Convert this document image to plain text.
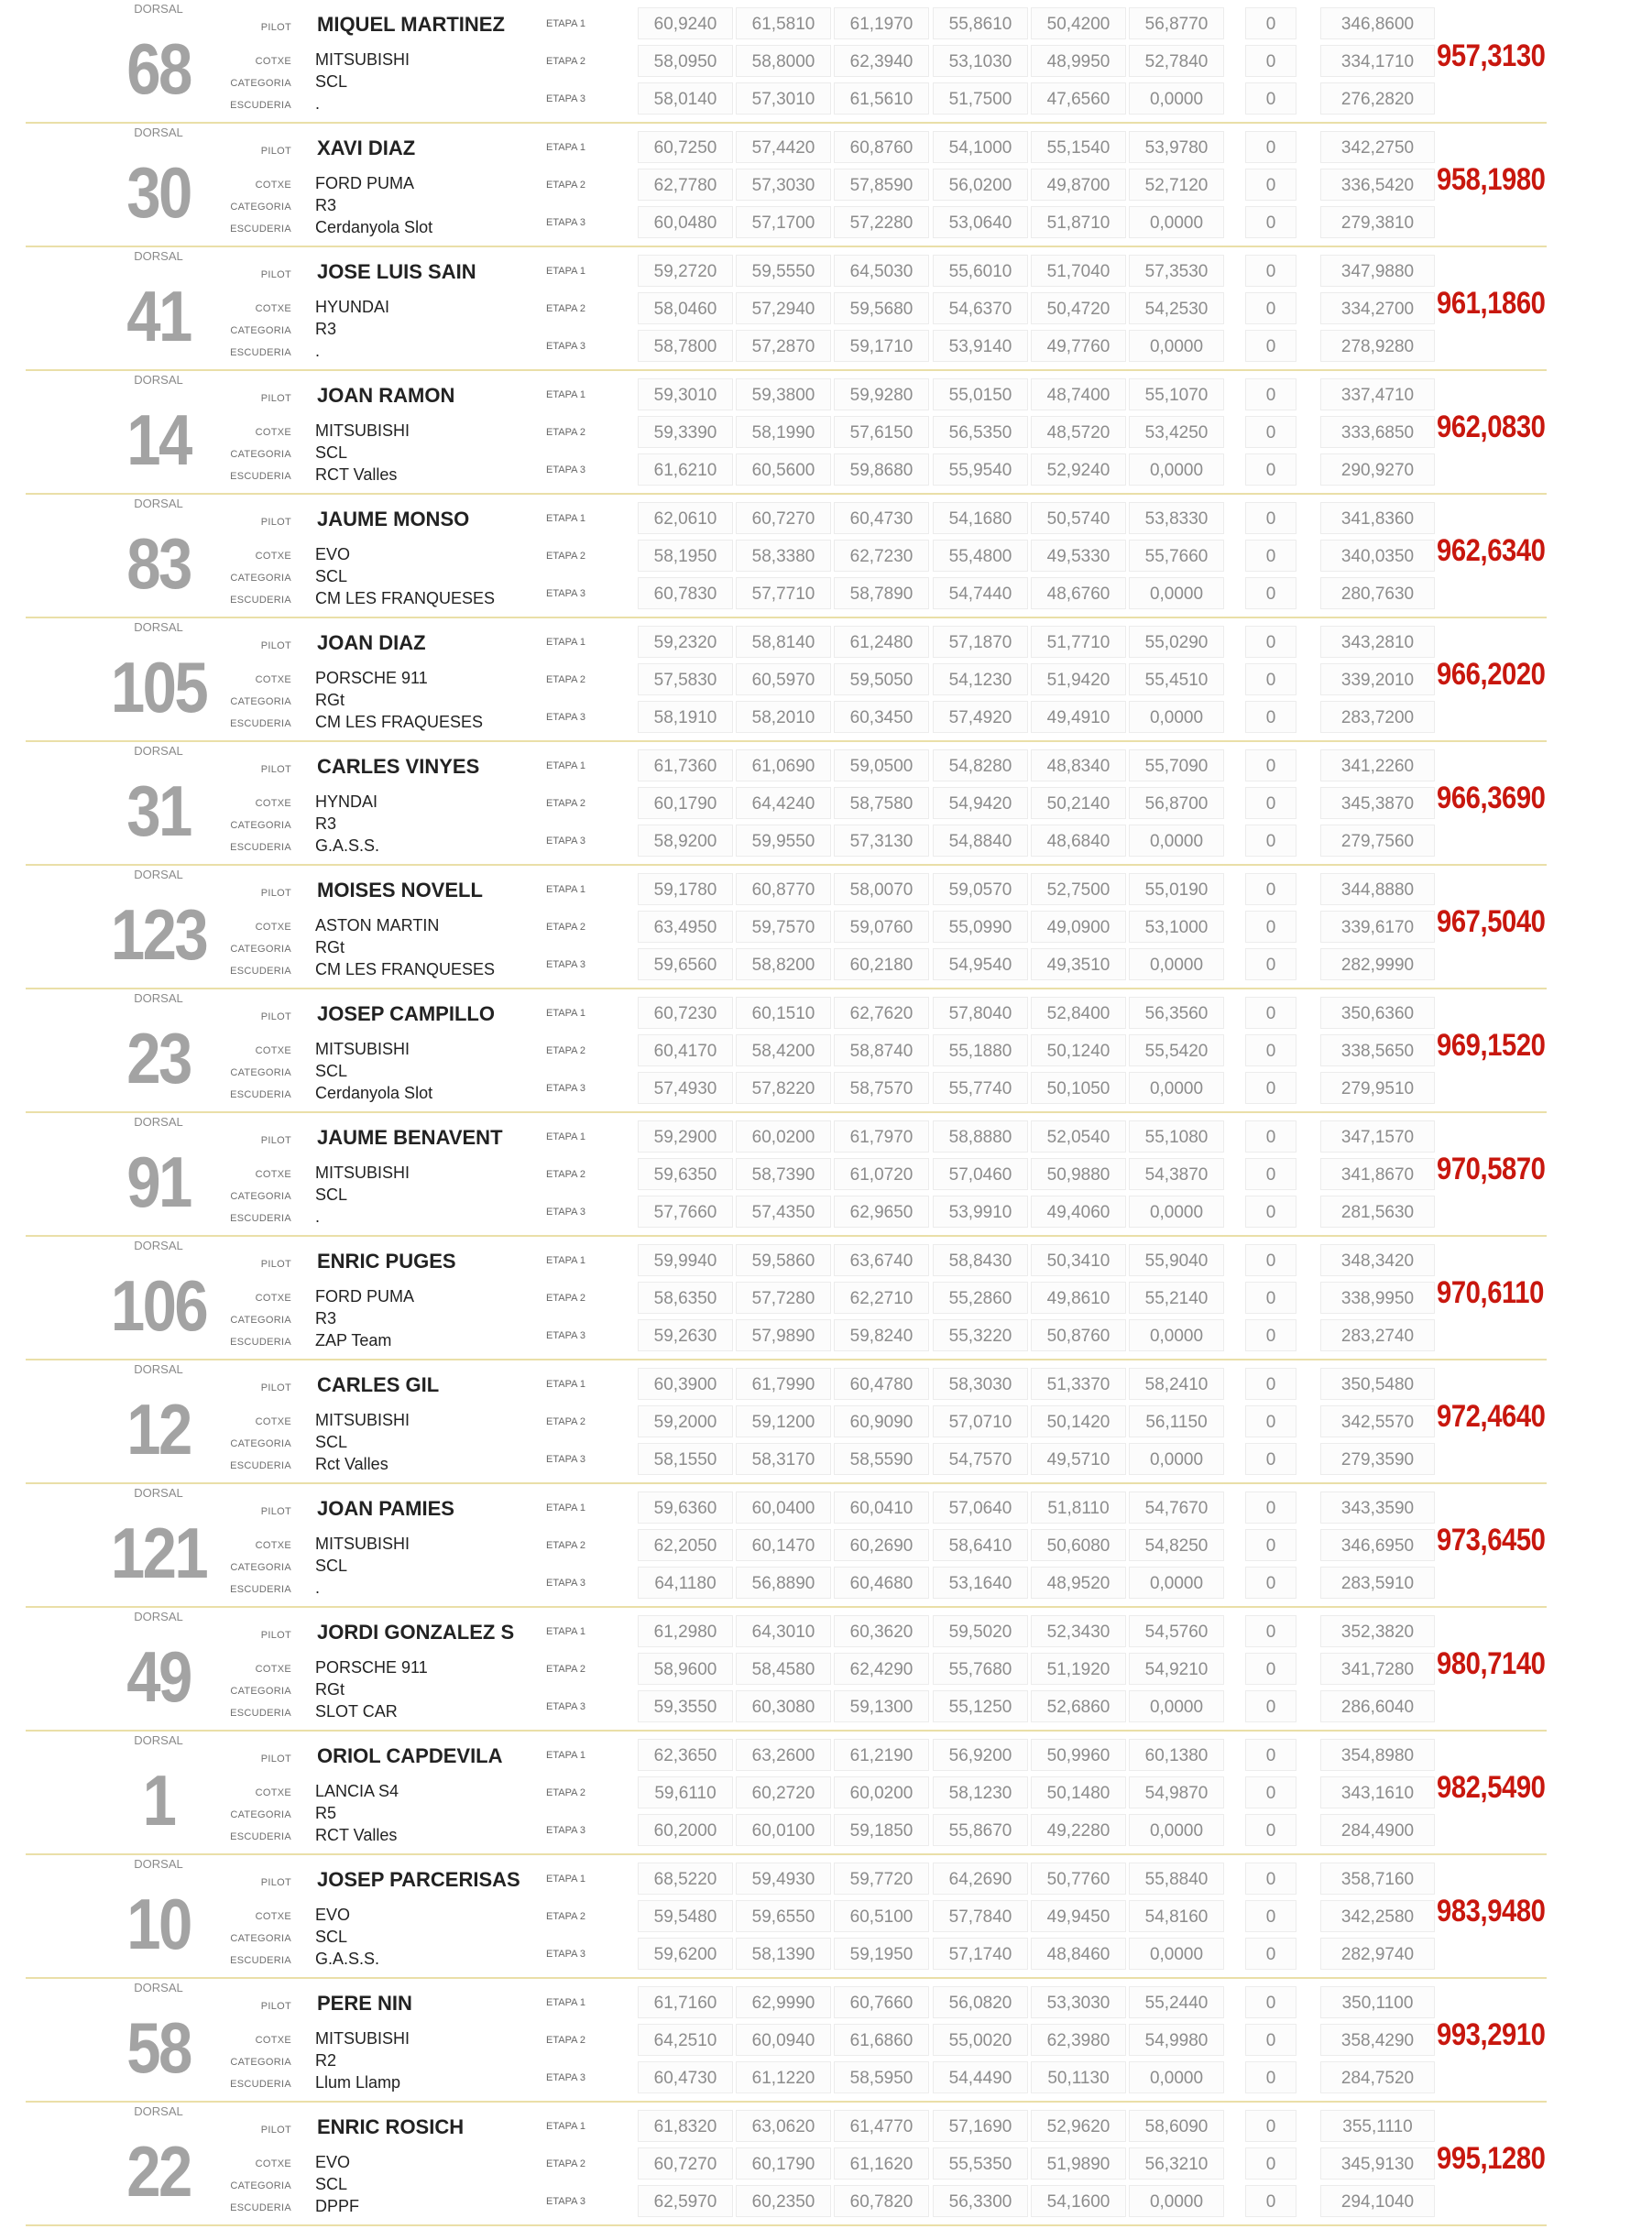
DORSAL
68
PILOT MIQUEL MARTINEZ
COTXE MITSUBISHI
CATEGORIA SCL
ESCUDERIA .
ETAPA 1	60,9240	61,5810	61,1970	55,8610	50,4200	56,8770	0	346,8600
ETAPA 2	58,0950	58,8000	62,3940	53,1030	48,9950	52,7840	0	334,1710
ETAPA 3	58,0140	57,3010	61,5610	51,7500	47,6560	0,0000	0	276,2820
957,3130
DORSAL
30
PILOT XAVI DIAZ
COTXE FORD PUMA
CATEGORIA R3
ESCUDERIA Cerdanyola Slot
ETAPA 1	60,7250	57,4420	60,8760	54,1000	55,1540	53,9780	0	342,2750
ETAPA 2	62,7780	57,3030	57,8590	56,0200	49,8700	52,7120	0	336,5420
ETAPA 3	60,0480	57,1700	57,2280	53,0640	51,8710	0,0000	0	279,3810
958,1980
DORSAL
41
PILOT JOSE LUIS SAIN
COTXE HYUNDAI
CATEGORIA R3
ESCUDERIA .
ETAPA 1	59,2720	59,5550	64,5030	55,6010	51,7040	57,3530	0	347,9880
ETAPA 2	58,0460	57,2940	59,5680	54,6370	50,4720	54,2530	0	334,2700
ETAPA 3	58,7800	57,2870	59,1710	53,9140	49,7760	0,0000	0	278,9280
961,1860
DORSAL
14
PILOT JOAN RAMON
COTXE MITSUBISHI
CATEGORIA SCL
ESCUDERIA RCT Valles
ETAPA 1	59,3010	59,3800	59,9280	55,0150	48,7400	55,1070	0	337,4710
ETAPA 2	59,3390	58,1990	57,6150	56,5350	48,5720	53,4250	0	333,6850
ETAPA 3	61,6210	60,5600	59,8680	55,9540	52,9240	0,0000	0	290,9270
962,0830
DORSAL
83
PILOT JAUME MONSO
COTXE EVO
CATEGORIA SCL
ESCUDERIA CM LES FRANQUESES
ETAPA 1	62,0610	60,7270	60,4730	54,1680	50,5740	53,8330	0	341,8360
ETAPA 2	58,1950	58,3380	62,7230	55,4800	49,5330	55,7660	0	340,0350
ETAPA 3	60,7830	57,7710	58,7890	54,7440	48,6760	0,0000	0	280,7630
962,6340
DORSAL
105
PILOT JOAN DIAZ
COTXE PORSCHE 911
CATEGORIA RGt
ESCUDERIA CM LES FRAQUESES
ETAPA 1	59,2320	58,8140	61,2480	57,1870	51,7710	55,0290	0	343,2810
ETAPA 2	57,5830	60,5970	59,5050	54,1230	51,9420	55,4510	0	339,2010
ETAPA 3	58,1910	58,2010	60,3450	57,4920	49,4910	0,0000	0	283,7200
966,2020
DORSAL
31
PILOT CARLES VINYES
COTXE HYNDAI
CATEGORIA R3
ESCUDERIA G.A.S.S.
ETAPA 1	61,7360	61,0690	59,0500	54,8280	48,8340	55,7090	0	341,2260
ETAPA 2	60,1790	64,4240	58,7580	54,9420	50,2140	56,8700	0	345,3870
ETAPA 3	58,9200	59,9550	57,3130	54,8840	48,6840	0,0000	0	279,7560
966,3690
DORSAL
123
PILOT MOISES NOVELL
COTXE ASTON MARTIN
CATEGORIA RGt
ESCUDERIA CM LES FRANQUESES
ETAPA 1	59,1780	60,8770	58,0070	59,0570	52,7500	55,0190	0	344,8880
ETAPA 2	63,4950	59,7570	59,0760	55,0990	49,0900	53,1000	0	339,6170
ETAPA 3	59,6560	58,8200	60,2180	54,9540	49,3510	0,0000	0	282,9990
967,5040
DORSAL
23
PILOT JOSEP CAMPILLO
COTXE MITSUBISHI
CATEGORIA SCL
ESCUDERIA Cerdanyola Slot
ETAPA 1	60,7230	60,1510	62,7620	57,8040	52,8400	56,3560	0	350,6360
ETAPA 2	60,4170	58,4200	58,8740	55,1880	50,1240	55,5420	0	338,5650
ETAPA 3	57,4930	57,8220	58,7570	55,7740	50,1050	0,0000	0	279,9510
969,1520
DORSAL
91
PILOT JAUME BENAVENT
COTXE MITSUBISHI
CATEGORIA SCL
ESCUDERIA .
ETAPA 1	59,2900	60,0200	61,7970	58,8880	52,0540	55,1080	0	347,1570
ETAPA 2	59,6350	58,7390	61,0720	57,0460	50,9880	54,3870	0	341,8670
ETAPA 3	57,7660	57,4350	62,9650	53,9910	49,4060	0,0000	0	281,5630
970,5870
DORSAL
106
PILOT ENRIC PUGES
COTXE FORD PUMA
CATEGORIA R3
ESCUDERIA ZAP Team
ETAPA 1	59,9940	59,5860	63,6740	58,8430	50,3410	55,9040	0	348,3420
ETAPA 2	58,6350	57,7280	62,2710	55,2860	49,8610	55,2140	0	338,9950
ETAPA 3	59,2630	57,9890	59,8240	55,3220	50,8760	0,0000	0	283,2740
970,6110
DORSAL
12
PILOT CARLES GIL
COTXE MITSUBISHI
CATEGORIA SCL
ESCUDERIA Rct Valles
ETAPA 1	60,3900	61,7990	60,4780	58,3030	51,3370	58,2410	0	350,5480
ETAPA 2	59,2000	59,1200	60,9090	57,0710	50,1420	56,1150	0	342,5570
ETAPA 3	58,1550	58,3170	58,5590	54,7570	49,5710	0,0000	0	279,3590
972,4640
DORSAL
121
PILOT JOAN PAMIES
COTXE MITSUBISHI
CATEGORIA SCL
ESCUDERIA .
ETAPA 1	59,6360	60,0400	60,0410	57,0640	51,8110	54,7670	0	343,3590
ETAPA 2	62,2050	60,1470	60,2690	58,6410	50,6080	54,8250	0	346,6950
ETAPA 3	64,1180	56,8890	60,4680	53,1640	48,9520	0,0000	0	283,5910
973,6450
DORSAL
49
PILOT JORDI GONZALEZ S
COTXE PORSCHE 911
CATEGORIA RGt
ESCUDERIA SLOT CAR
ETAPA 1	61,2980	64,3010	60,3620	59,5020	52,3430	54,5760	0	352,3820
ETAPA 2	58,9600	58,4580	62,4290	55,7680	51,1920	54,9210	0	341,7280
ETAPA 3	59,3550	60,3080	59,1300	55,1250	52,6860	0,0000	0	286,6040
980,7140
DORSAL
1
PILOT ORIOL CAPDEVILA
COTXE LANCIA S4
CATEGORIA R5
ESCUDERIA RCT Valles
ETAPA 1	62,3650	63,2600	61,2190	56,9200	50,9960	60,1380	0	354,8980
ETAPA 2	59,6110	60,2720	60,0200	58,1230	50,1480	54,9870	0	343,1610
ETAPA 3	60,2000	60,0100	59,1850	55,8670	49,2280	0,0000	0	284,4900
982,5490
DORSAL
10
PILOT JOSEP PARCERISAS
COTXE EVO
CATEGORIA SCL
ESCUDERIA G.A.S.S.
ETAPA 1	68,5220	59,4930	59,7720	64,2690	50,7760	55,8840	0	358,7160
ETAPA 2	59,5480	59,6550	60,5100	57,7840	49,9450	54,8160	0	342,2580
ETAPA 3	59,6200	58,1390	59,1950	57,1740	48,8460	0,0000	0	282,9740
983,9480
DORSAL
58
PILOT PERE NIN
COTXE MITSUBISHI
CATEGORIA R2
ESCUDERIA Llum Llamp
ETAPA 1	61,7160	62,9990	60,7660	56,0820	53,3030	55,2440	0	350,1100
ETAPA 2	64,2510	60,0940	61,6860	55,0020	62,3980	54,9980	0	358,4290
ETAPA 3	60,4730	61,1220	58,5950	54,4490	50,1130	0,0000	0	284,7520
993,2910
DORSAL
22
PILOT ENRIC ROSICH
COTXE EVO
CATEGORIA SCL
ESCUDERIA DPPF
ETAPA 1	61,8320	63,0620	61,4770	57,1690	52,9620	58,6090	0	355,1110
ETAPA 2	60,7270	60,1790	61,1620	55,5350	51,9890	56,3210	0	345,9130
ETAPA 3	62,5970	60,2350	60,7820	56,3300	54,1600	0,0000	0	294,1040
995,1280
